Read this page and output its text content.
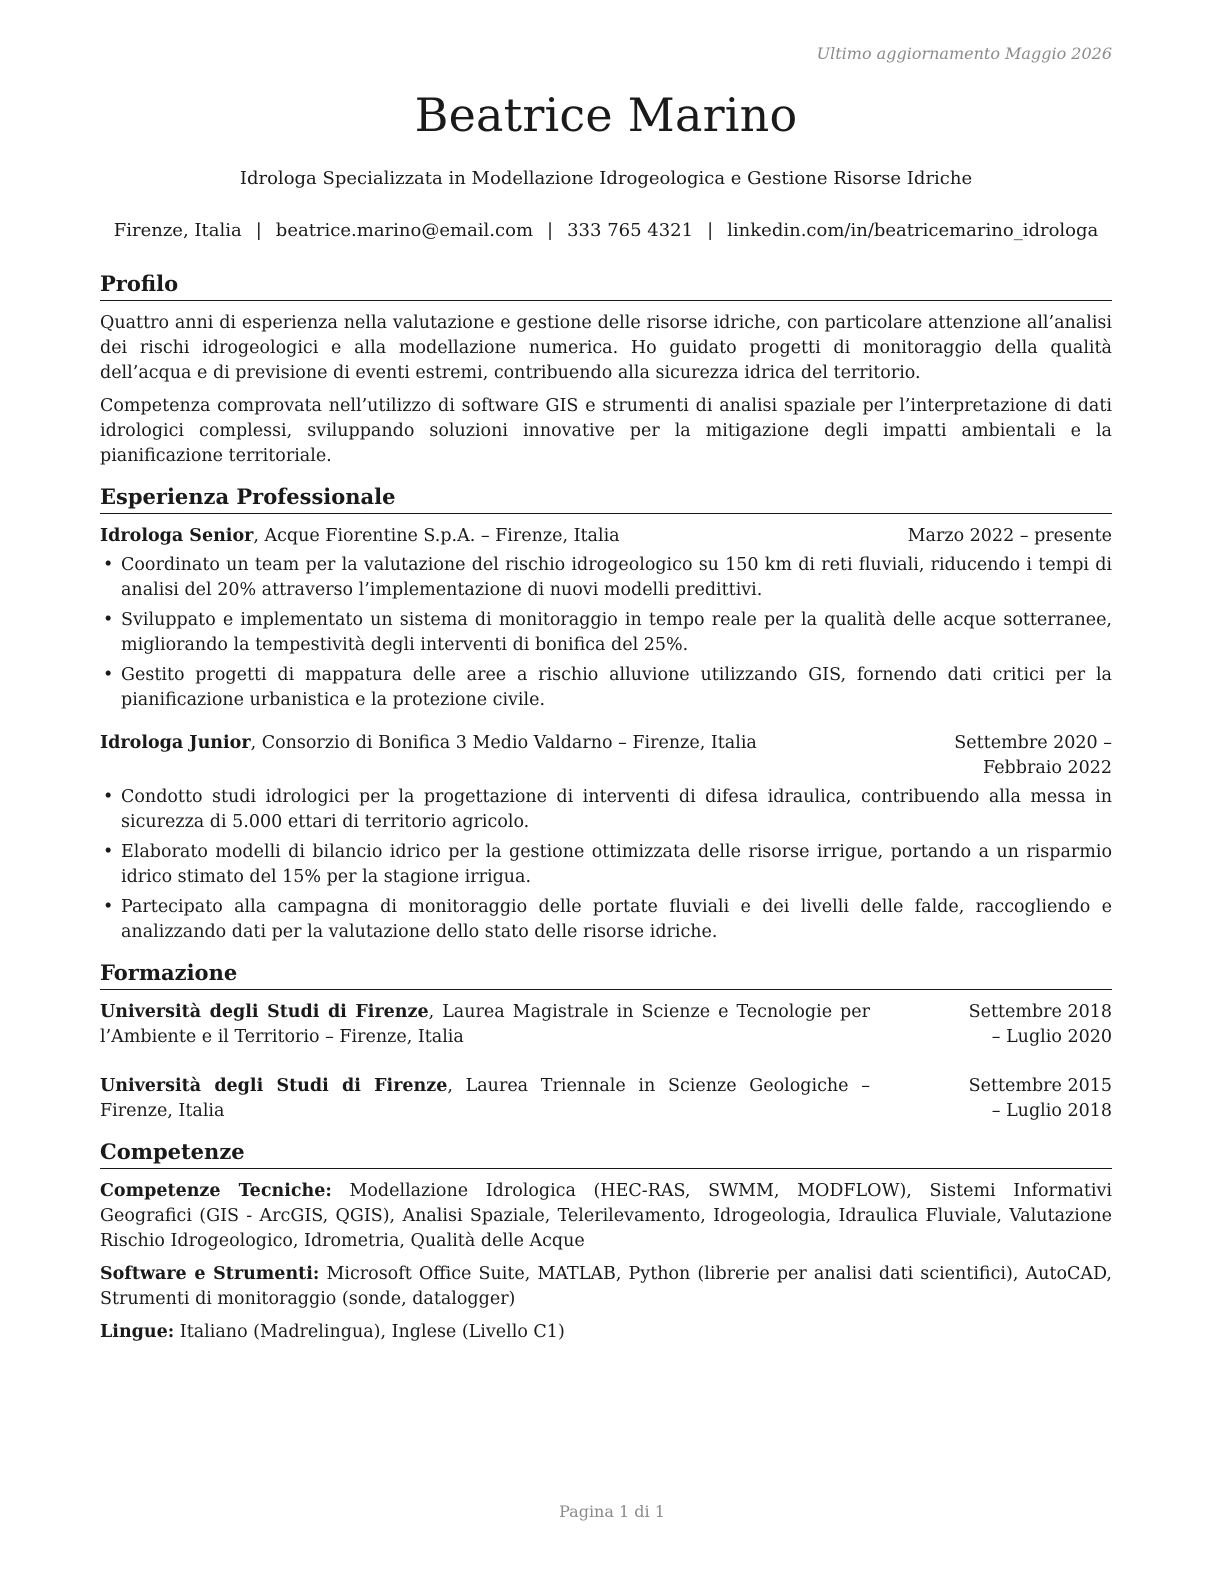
Ultimo aggiornamento Maggio 2026
Beatrice Marino
Idrologa Specializzata in Modellazione Idrogeologica e Gestione Risorse Idriche
Firenze, Italia | beatrice.marino@email.com | 333 765 4321 | linkedin.com/in/beatricemarino_idrologa
Profilo

Quattro anni di esperienza nella valutazione e gestione delle risorse idriche, con particolare attenzione all’analisi dei rischi idrogeologici e alla modellazione numerica. Ho guidato progetti di monitoraggio della qualità dell’acqua e di previsione di eventi estremi, contribuendo alla sicurezza idrica del territorio.

Competenza comprovata nell’utilizzo di software GIS e strumenti di analisi spaziale per l’interpretazione di dati idrologici complessi, sviluppando soluzioni innovative per la mitigazione degli impatti ambientali e la pianificazione territoriale.

Esperienza Professionale
Idrologa Senior, Acque Fiorentine S.p.A. – Firenze, Italia	Marzo 2022 – presente
• Coordinato un team per la valutazione del rischio idrogeologico su 150 km di reti fluviali, riducendo i tempi di analisi del 20% attraverso l’implementazione di nuovi modelli predittivi.
• Sviluppato e implementato un sistema di monitoraggio in tempo reale per la qualità delle acque sotterranee, migliorando la tempestività degli interventi di bonifica del 25%.
• Gestito progetti di mappatura delle aree a rischio alluvione utilizzando GIS, fornendo dati critici per la pianificazione urbanistica e la protezione civile.
Idrologa Junior, Consorzio di Bonifica 3 Medio Valdarno – Firenze, Italia	Settembre 2020 – Febbraio 2022
• Condotto studi idrologici per la progettazione di interventi di difesa idraulica, contribuendo alla messa in sicurezza di 5.000 ettari di territorio agricolo.
• Elaborato modelli di bilancio idrico per la gestione ottimizzata delle risorse irrigue, portando a un risparmio idrico stimato del 15% per la stagione irrigua.
• Partecipato alla campagna di monitoraggio delle portate fluviali e dei livelli delle falde, raccogliendo e analizzando dati per la valutazione dello stato delle risorse idriche.
Formazione
Università degli Studi di Firenze, Laurea Magistrale in Scienze e Tecnologie per l’Ambiente e il Territorio – Firenze, Italia
Settembre 2018 – Luglio 2020
Università degli Studi di Firenze, Laurea Triennale in Scienze Geologiche – Firenze, Italia
Settembre 2015 – Luglio 2018
Competenze

Competenze Tecniche: Modellazione Idrologica (HEC-RAS, SWMM, MODFLOW), Sistemi Informativi Geografici (GIS - ArcGIS, QGIS), Analisi Spaziale, Telerilevamento, Idrogeologia, Idraulica Fluviale, Valutazione Rischio Idrogeologico, Idrometria, Qualità delle Acque

Software e Strumenti: Microsoft Office Suite, MATLAB, Python (librerie per analisi dati scientifici), AutoCAD, Strumenti di monitoraggio (sonde, datalogger)

Lingue: Italiano (Madrelingua), Inglese (Livello C1)

Pagina 1 di 1
